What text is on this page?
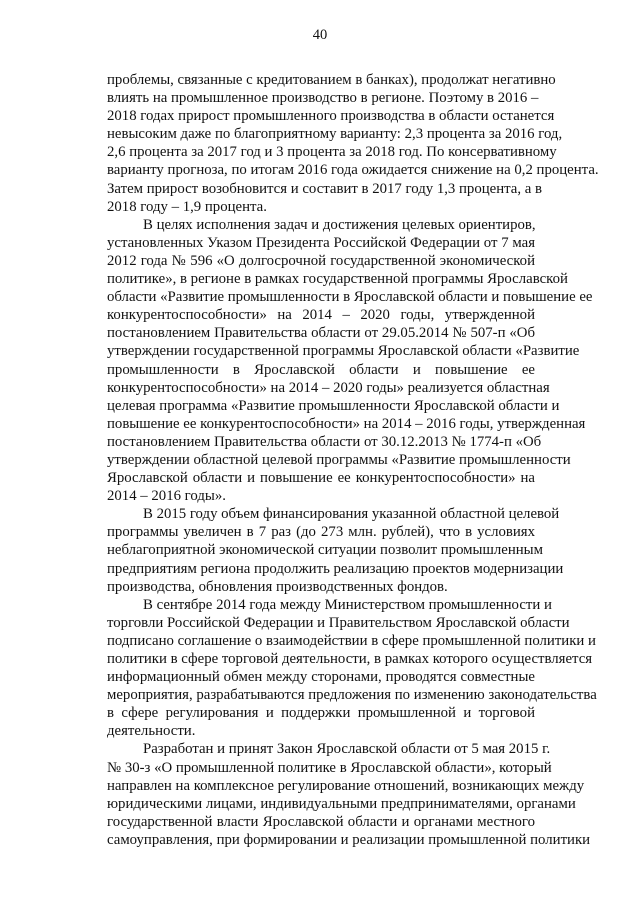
40
проблемы, связанные с кредитованием в банках), продолжат негативно
влиять на промышленное производство в регионе. Поэтому в 2016 –
2018 годах прирост промышленного производства в области останется
невысоким даже по благоприятному варианту: 2,3 процента за 2016 год,
2,6 процента за 2017 год и 3 процента за 2018 год. По консервативному
варианту прогноза, по итогам 2016 года ожидается снижение на 0,2 процента.
Затем прирост возобновится и составит в 2017 году 1,3 процента, а в
2018 году – 1,9 процента.
В целях исполнения задач и достижения целевых ориентиров,
установленных Указом Президента Российской Федерации от 7 мая
2012 года № 596 «О долгосрочной государственной экономической
политике», в регионе в рамках государственной программы Ярославской
области «Развитие промышленности в Ярославской области и повышение ее
конкурентоспособности» на 2014 – 2020 годы, утвержденной
постановлением Правительства области от 29.05.2014 № 507-п «Об
утверждении государственной программы Ярославской области «Развитие
промышленности в Ярославской области и повышение ее
конкурентоспособности» на 2014 – 2020 годы» реализуется областная
целевая программа «Развитие промышленности Ярославской области и
повышение ее конкурентоспособности» на 2014 – 2016 годы, утвержденная
постановлением Правительства области от 30.12.2013 № 1774-п «Об
утверждении областной целевой программы «Развитие промышленности
Ярославской области и повышение ее конкурентоспособности» на
2014 – 2016 годы».
В 2015 году объем финансирования указанной областной целевой
программы увеличен в 7 раз (до 273 млн. рублей), что в условиях
неблагоприятной экономической ситуации позволит промышленным
предприятиям региона продолжить реализацию проектов модернизации
производства, обновления производственных фондов.
В сентябре 2014 года между Министерством промышленности и
торговли Российской Федерации и Правительством Ярославской области
подписано соглашение о взаимодействии в сфере промышленной политики и
политики в сфере торговой деятельности, в рамках которого осуществляется
информационный обмен между сторонами, проводятся совместные
мероприятия, разрабатываются предложения по изменению законодательства
в сфере регулирования и поддержки промышленной и торговой
деятельности.
Разработан и принят Закон Ярославской области от 5 мая 2015 г.
№ 30-з «О промышленной политике в Ярославской области», который
направлен на комплексное регулирование отношений, возникающих между
юридическими лицами, индивидуальными предпринимателями, органами
государственной власти Ярославской области и органами местного
самоуправления, при формировании и реализации промышленной политики
